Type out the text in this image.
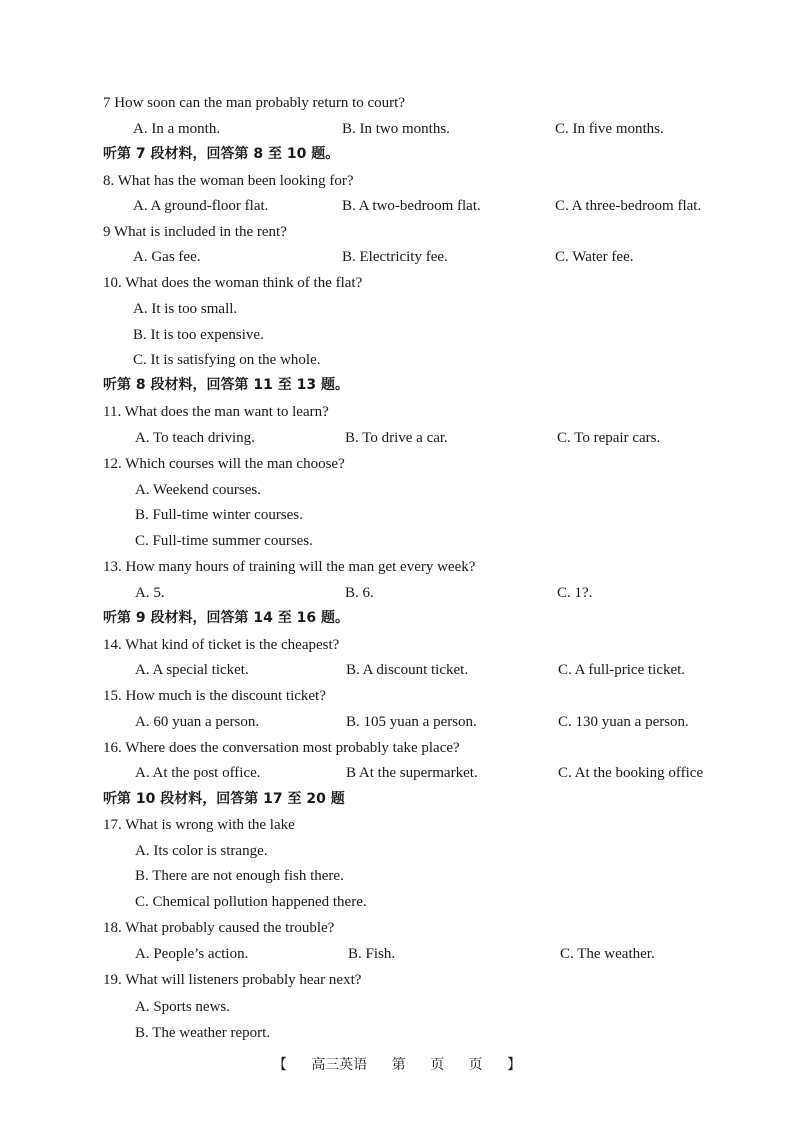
7 How soon can the man probably return to court?
A. In a month.	B. In two months.	C. In five months.
听第 7 段材料，回答第 8 至 10 题。
8. What has the woman been looking for?
A. A ground-floor flat.	B. A two-bedroom flat.	C. A three-bedroom flat.
9 What is included in the rent?
A. Gas fee.	B. Electricity fee.	C. Water fee.
10. What does the woman think of the flat?
A. It is too small.
B. It is too expensive.
C. It is satisfying on the whole.
听第 8 段材料，回答第 11 至 13 题。
11. What does the man want to learn?
A. To teach driving.	B. To drive a car.	C. To repair cars.
12. Which courses will the man choose?
A. Weekend courses.
B. Full-time winter courses.
C. Full-time summer courses.
13. How many hours of training will the man get every week?
A. 5.	B. 6.	C. 1?.
听第 9 段材料，回答第 14 至 16 题。
14. What kind of ticket is the cheapest?
A. A special ticket.	B. A discount ticket.	C. A full-price ticket.
15. How much is the discount ticket?
A. 60 yuan a person.	B. 105 yuan a person.	C. 130 yuan a person.
16. Where does the conversation most probably take place?
A. At the post office.	B At the supermarket.	C. At the booking office
听第 10 段材料，回答第 17 至 20 题
17. What is wrong with the lake
A. Its color is strange.
B. There are not enough fish there.
C. Chemical pollution happened there.
18. What probably caused the trouble?
A. People’s action.	B. Fish.	C. The weather.
19. What will listeners probably hear next?
A. Sports news.
B. The weather report.
【 高三英语 第 页 页 】
